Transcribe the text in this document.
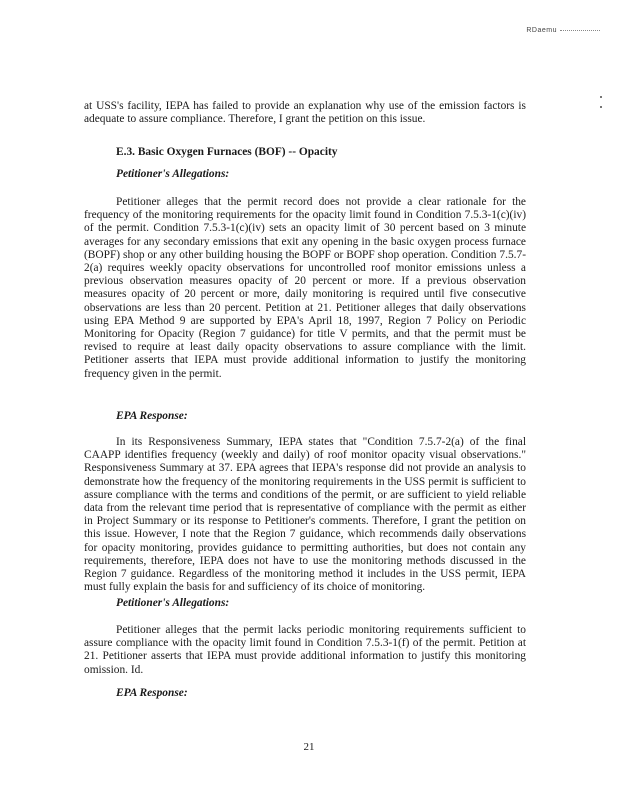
RDaemu

at USS's facility, IEPA has failed to provide an explanation why use of the emission factors is adequate to assure compliance. Therefore, I grant the petition on this issue.

E.3. Basic Oxygen Furnaces (BOF) -- Opacity

Petitioner's Allegations:

Petitioner alleges that the permit record does not provide a clear rationale for the frequency of the monitoring requirements for the opacity limit found in Condition 7.5.3-1(c)(iv) of the permit. Condition 7.5.3-1(c)(iv) sets an opacity limit of 30 percent based on 3 minute averages for any secondary emissions that exit any opening in the basic oxygen process furnace (BOPF) shop or any other building housing the BOPF or BOPF shop operation. Condition 7.5.7-2(a) requires weekly opacity observations for uncontrolled roof monitor emissions unless a previous observation measures opacity of 20 percent or more. If a previous observation measures opacity of 20 percent or more, daily monitoring is required until five consecutive observations are less than 20 percent. Petition at 21. Petitioner alleges that daily observations using EPA Method 9 are supported by EPA's April 18, 1997, Region 7 Policy on Periodic Monitoring for Opacity (Region 7 guidance) for title V permits, and that the permit must be revised to require at least daily opacity observations to assure compliance with the limit. Petitioner asserts that IEPA must provide additional information to justify the monitoring frequency given in the permit.

EPA Response:

In its Responsiveness Summary, IEPA states that "Condition 7.5.7-2(a) of the final CAAPP identifies frequency (weekly and daily) of roof monitor opacity visual observations." Responsiveness Summary at 37. EPA agrees that IEPA's response did not provide an analysis to demonstrate how the frequency of the monitoring requirements in the USS permit is sufficient to assure compliance with the terms and conditions of the permit, or are sufficient to yield reliable data from the relevant time period that is representative of compliance with the permit as either in Project Summary or its response to Petitioner's comments. Therefore, I grant the petition on this issue. However, I note that the Region 7 guidance, which recommends daily observations for opacity monitoring, provides guidance to permitting authorities, but does not contain any requirements, therefore, IEPA does not have to use the monitoring methods discussed in the Region 7 guidance. Regardless of the monitoring method it includes in the USS permit, IEPA must fully explain the basis for and sufficiency of its choice of monitoring.

Petitioner's Allegations:

Petitioner alleges that the permit lacks periodic monitoring requirements sufficient to assure compliance with the opacity limit found in Condition 7.5.3-1(f) of the permit. Petition at 21. Petitioner asserts that IEPA must provide additional information to justify this monitoring omission. Id.

EPA Response:

21
